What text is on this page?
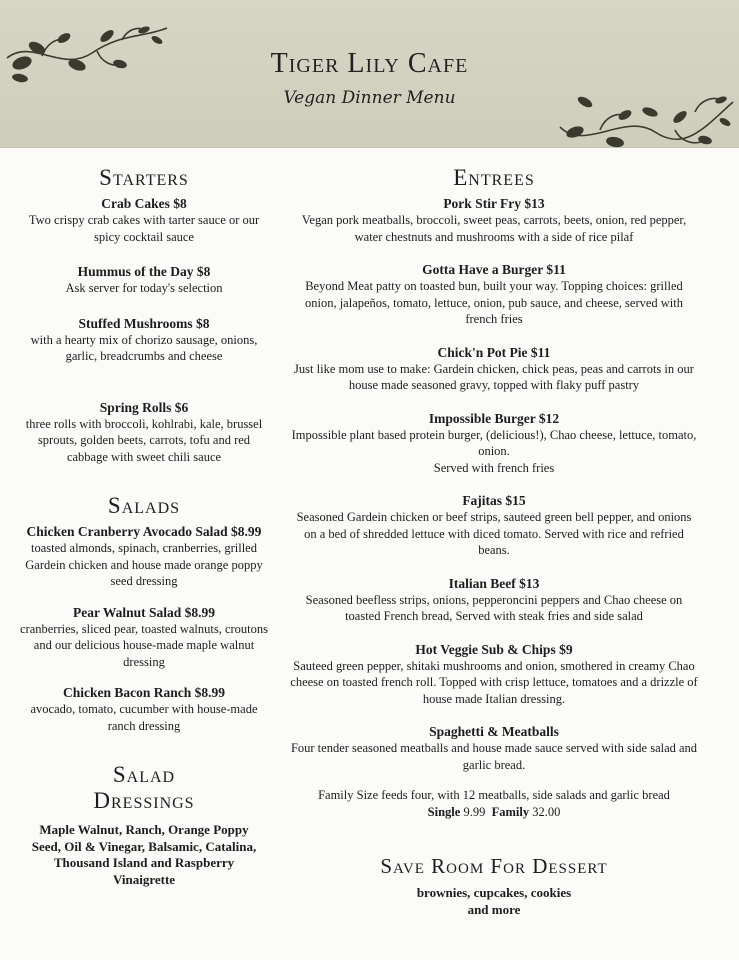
Tiger Lily Cafe
Vegan Dinner Menu
Starters
Crab Cakes $8
Two crispy crab cakes with tarter sauce or our spicy cocktail sauce
Hummus of the Day $8
Ask server for today's selection
Stuffed Mushrooms $8
with a hearty mix of chorizo sausage, onions, garlic, breadcrumbs and cheese
Spring Rolls $6
three rolls with broccoli, kohlrabi, kale, brussel sprouts, golden beets, carrots, tofu and red cabbage with sweet chili sauce
Salads
Chicken Cranberry Avocado Salad $8.99
toasted almonds, spinach, cranberries, grilled Gardein chicken and house made orange poppy seed dressing
Pear Walnut Salad $8.99
cranberries, sliced pear, toasted walnuts, croutons and our delicious house-made maple walnut dressing
Chicken Bacon Ranch $8.99
avocado, tomato, cucumber with house-made ranch dressing
Salad
Dressings
Maple Walnut, Ranch, Orange Poppy Seed, Oil & Vinegar, Balsamic, Catalina, Thousand Island and Raspberry Vinaigrette
Entrees
Pork Stir Fry $13
Vegan pork meatballs, broccoli, sweet peas, carrots, beets, onion, red pepper, water chestnuts and mushrooms with a side of rice pilaf
Gotta Have a Burger $11
Beyond Meat patty on toasted bun, built your way. Topping choices: grilled onion, jalapeños, tomato, lettuce, onion, pub sauce, and cheese, served with french fries
Chick'n Pot Pie $11
Just like mom use to make: Gardein chicken, chick peas, peas and carrots in our house made seasoned gravy, topped with flaky puff pastry
Impossible Burger $12
Impossible plant based protein burger, (delicious!), Chao cheese, lettuce, tomato, onion.
Served with french fries
Fajitas $15
Seasoned Gardein chicken or beef strips, sauteed green bell pepper, and onions on a bed of shredded lettuce with diced tomato. Served with rice and refried beans.
Italian Beef $13
Seasoned beefless strips, onions, pepperoncini peppers and Chao cheese on toasted French bread, Served with steak fries and side salad
Hot Veggie Sub & Chips $9
Sauteed green pepper, shitaki mushrooms and onion, smothered in creamy Chao cheese on toasted french roll. Topped with crisp lettuce, tomatoes and a drizzle of house made Italian dressing.
Spaghetti & Meatballs
Four tender seasoned meatballs and house made sauce served with side salad and garlic bread.
Family Size feeds four, with 12 meatballs, side salads and garlic bread
Single 9.99 Family 32.00
Save Room For Dessert
brownies, cupcakes, cookies
and more
